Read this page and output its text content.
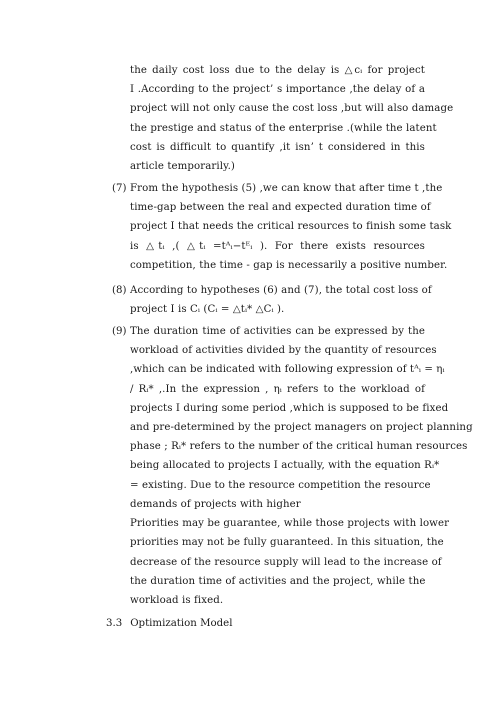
the daily cost loss due to the delay is △cᵢ for project
I .According to the project’ s importance ,the delay of a
project will not only cause the cost loss ,but will also damage
the prestige and status of the enterprise .(while the latent
cost is difficult to quantify ,it isn’ t considered in this
article temporarily.)
(7) From the hypothesis (5) ,we can know that after time t ,the
time-gap between the real and expected duration time of
project I that needs the critical resources to finish some task
is △tᵢ ,( △tᵢ =tᴬᵢ−tᴱᵢ ). For there exists resources
competition, the time - gap is necessarily a positive number.
(8) According to hypotheses (6) and (7), the total cost loss of
project I is Cᵢ (Cᵢ = △tᵢ* △Cᵢ ).
(9) The duration time of activities can be expressed by the
workload of activities divided by the quantity of resources
,which can be indicated with following expression of tᴬᵢ = ηᵢ
/ Rᵢ* ,.In the expression , ηᵢ refers to the workload of
projects I during some period ,which is supposed to be fixed
and pre-determined by the project managers on project planning
phase ; Rᵢ* refers to the number of the critical human resources
being allocated to projects I actually, with the equation Rᵢ*
= existing. Due to the resource competition the resource
3.3 Optimization Model
demands of projects with higher
Priorities may be guarantee, while those projects with lower
priorities may not be fully guaranteed. In this situation, the
decrease of the resource supply will lead to the increase of
the duration time of activities and the project, while the
workload is fixed.
